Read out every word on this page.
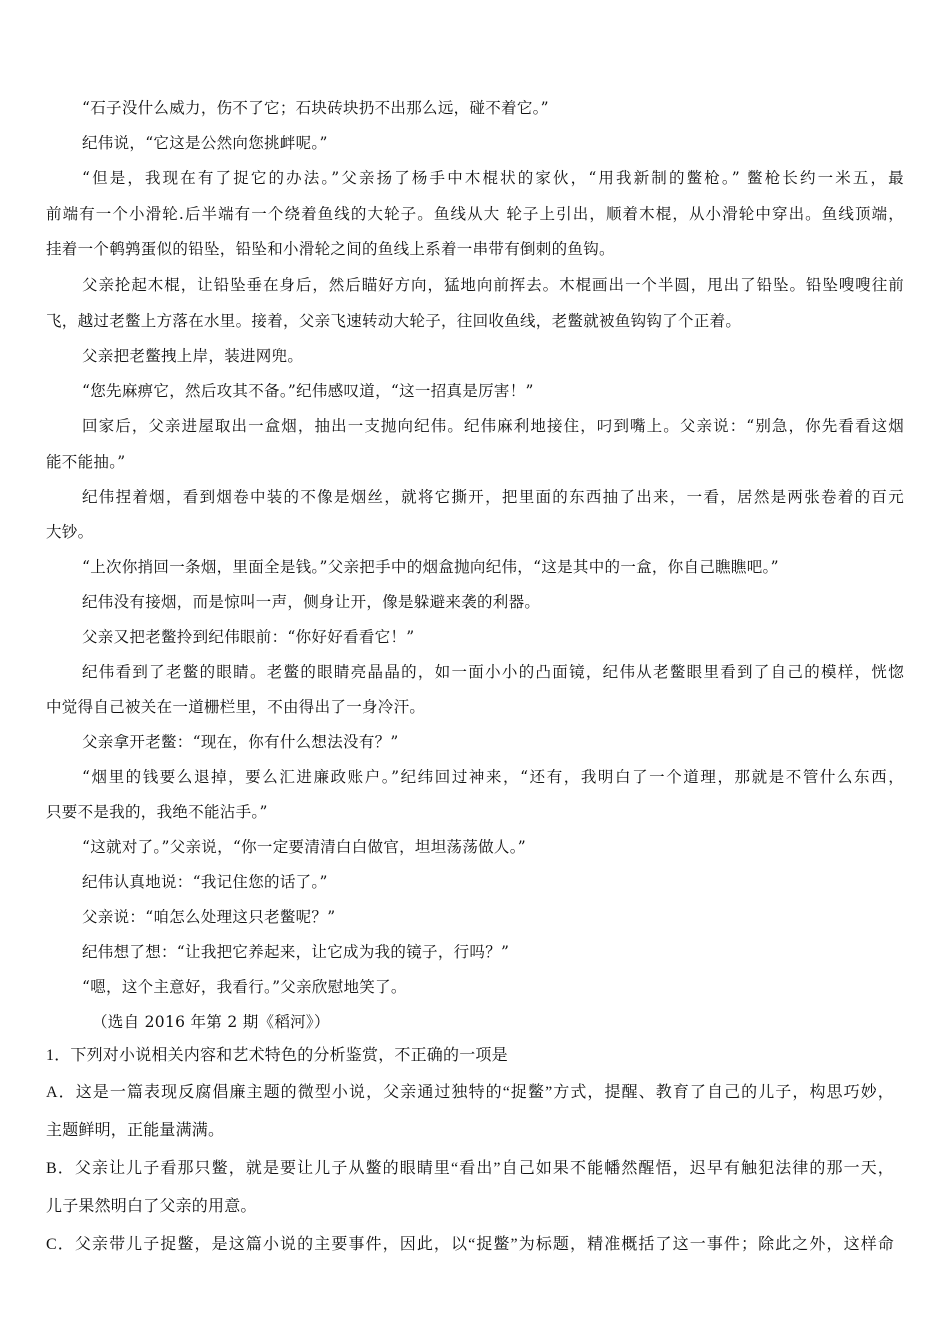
“石子没什么威力，伤不了它；石块砖块扔不出那么远，碰不着它。”
纪伟说，“它这是公然向您挑衅呢。”
“但是，我现在有了捉它的办法。”父亲扬了杨手中木棍状的家伙，“用我新制的鳖枪。” 鳖枪长约一米五，最
前端有一个小滑轮.后半端有一个绕着鱼线的大轮子。鱼线从大 轮子上引出，顺着木棍，从小滑轮中穿出。鱼线顶端，
挂着一个鹌鹑蛋似的铅坠，铅坠和小滑轮之间的鱼线上系着一串带有倒刺的鱼钩。
父亲抡起木棍，让铅坠垂在身后，然后瞄好方向，猛地向前挥去。木棍画出一个半圆，甩出了铅坠。铅坠嗖嗖往前
飞，越过老鳖上方落在水里。接着，父亲飞速转动大轮子，往回收鱼线，老鳖就被鱼钩钩了个正着。
父亲把老鳖拽上岸，装进网兜。
“您先麻痹它，然后攻其不备。”纪伟感叹道，“这一招真是厉害！”
回家后，父亲进屋取出一盒烟，抽出一支抛向纪伟。纪伟麻利地接住，叼到嘴上。父亲说：“别急，你先看看这烟
能不能抽。”
纪伟捏着烟，看到烟卷中装的不像是烟丝，就将它撕开，把里面的东西抽了出来，一看，居然是两张卷着的百元
大钞。
“上次你捎回一条烟，里面全是钱。”父亲把手中的烟盒抛向纪伟，“这是其中的一盒，你自己瞧瞧吧。”
纪伟没有接烟，而是惊叫一声，侧身让开，像是躲避来袭的利器。
父亲又把老鳖拎到纪伟眼前：“你好好看看它！”
纪伟看到了老鳖的眼睛。老鳖的眼睛亮晶晶的，如一面小小的凸面镜，纪伟从老鳖眼里看到了自己的模样，恍惚
中觉得自己被关在一道栅栏里，不由得出了一身冷汗。
父亲拿开老鳖：“现在，你有什么想法没有？”
“烟里的钱要么退掉，要么汇进廉政账户。”纪纬回过神来，“还有，我明白了一个道理，那就是不管什么东西，
只要不是我的，我绝不能沾手。”
“这就对了。”父亲说，“你一定要清清白白做官，坦坦荡荡做人。”
纪伟认真地说：“我记住您的话了。”
父亲说：“咱怎么处理这只老鳖呢？”
纪伟想了想：“让我把它养起来，让它成为我的镜子，行吗？”
“嗯，这个主意好，我看行。”父亲欣慰地笑了。
（选自 2016 年第 2 期《稻河》）
1．下列对小说相关内容和艺术特色的分析鉴赏，不正确的一项是
A．这是一篇表现反腐倡廉主题的微型小说，父亲通过独特的“捉鳖”方式，提醒、教育了自己的儿子，构思巧妙，
主题鲜明，正能量满满。
B．父亲让儿子看那只鳖，就是要让儿子从鳖的眼睛里“看出”自己如果不能幡然醒悟，迟早有触犯法律的那一天，
儿子果然明白了父亲的用意。
C．父亲带儿子捉鳖，是这篇小说的主要事件，因此，以“捉鳖”为标题，精准概括了这一事件；除此之外，这样命
